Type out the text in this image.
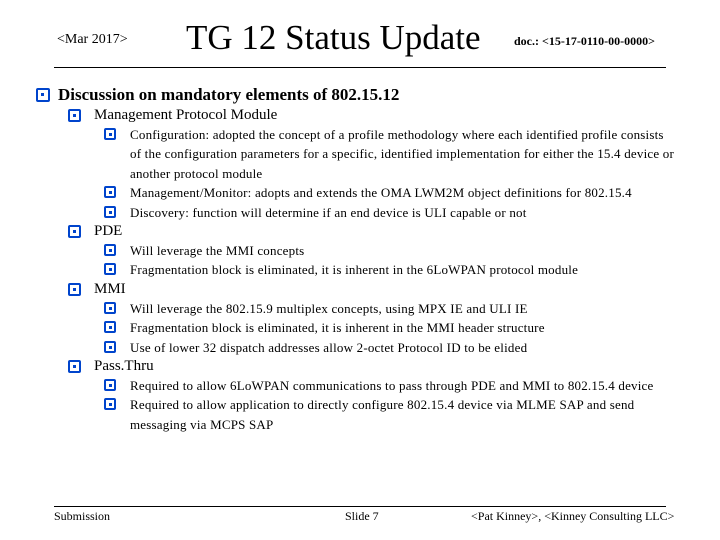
<Mar 2017> TG 12 Status Update	doc.: <15-17-0110-00-0000>
Discussion on mandatory elements of 802.15.12
Management Protocol Module
Configuration: adopted the concept of a profile methodology where each identified profile consists of the configuration parameters for a specific, identified implementation for either the 15.4 device or another protocol module
Management/Monitor: adopts and extends the OMA LWM2M object definitions for 802.15.4
Discovery: function will determine if an end device is ULI capable or not
PDE
Will leverage the MMI concepts
Fragmentation block is eliminated, it is inherent in the 6LoWPAN protocol module
MMI
Will leverage the 802.15.9 multiplex concepts, using MPX IE and ULI IE
Fragmentation block is eliminated, it is inherent in the MMI header structure
Use of lower 32 dispatch addresses allow 2-octet Protocol ID to be elided
Pass.Thru
Required to allow 6LoWPAN communications to pass through PDE and MMI to 802.15.4 device
Required to allow application to directly configure 802.15.4 device via MLME SAP and send messaging via MCPS SAP
Submission	Slide 7	<Pat Kinney>, <Kinney Consulting LLC>
